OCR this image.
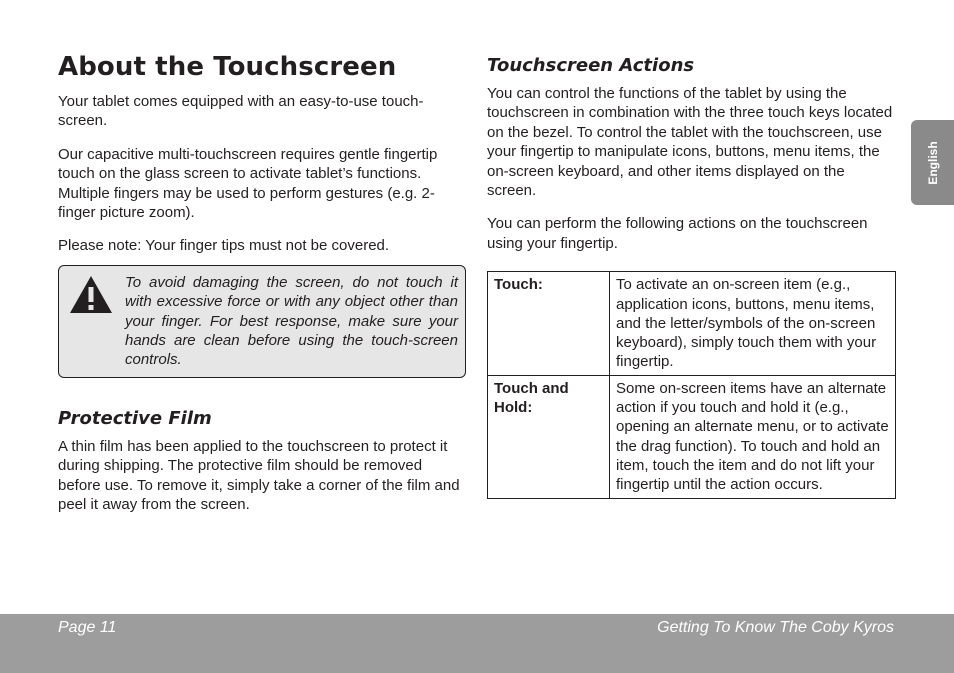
About the Touchscreen

Your tablet comes equipped with an easy-to-use touch-screen.

Our capacitive multi-touchscreen requires gentle fingertip touch on the glass screen to activate tablet’s functions. Multiple fingers may be used to perform gestures (e.g. 2-finger picture zoom).

Please note: Your finger tips must not be covered.

To avoid damaging the screen, do not touch it with excessive force or with any object other than your finger. For best response, make sure your hands are clean before using the touch-screen controls.
Protective Film

A thin film has been applied to the touchscreen to protect it during shipping. The protective film should be removed before use. To remove it, simply take a corner of the film and peel it away from the screen.

Touchscreen Actions

You can control the functions of the tablet by using the touchscreen in combination with the three touch keys located on the bezel. To control the tablet with the touchscreen, use your fingertip to manipulate icons, buttons, menu items, the on-screen keyboard, and other items displayed on the screen.

You can perform the following actions on the touchscreen using your fingertip.

Touch:	To activate an on-screen item (e.g., application icons, buttons, menu items, and the letter/symbols of the on-screen keyboard), simply touch them with your fingertip.
Touch and Hold:	Some on-screen items have an alternate action if you touch and hold it (e.g., opening an alternate menu, or to activate the drag function). To touch and hold an item, touch the item and do not lift your fingertip until the action occurs.
English
Page 11	Getting To Know The Coby Kyros
